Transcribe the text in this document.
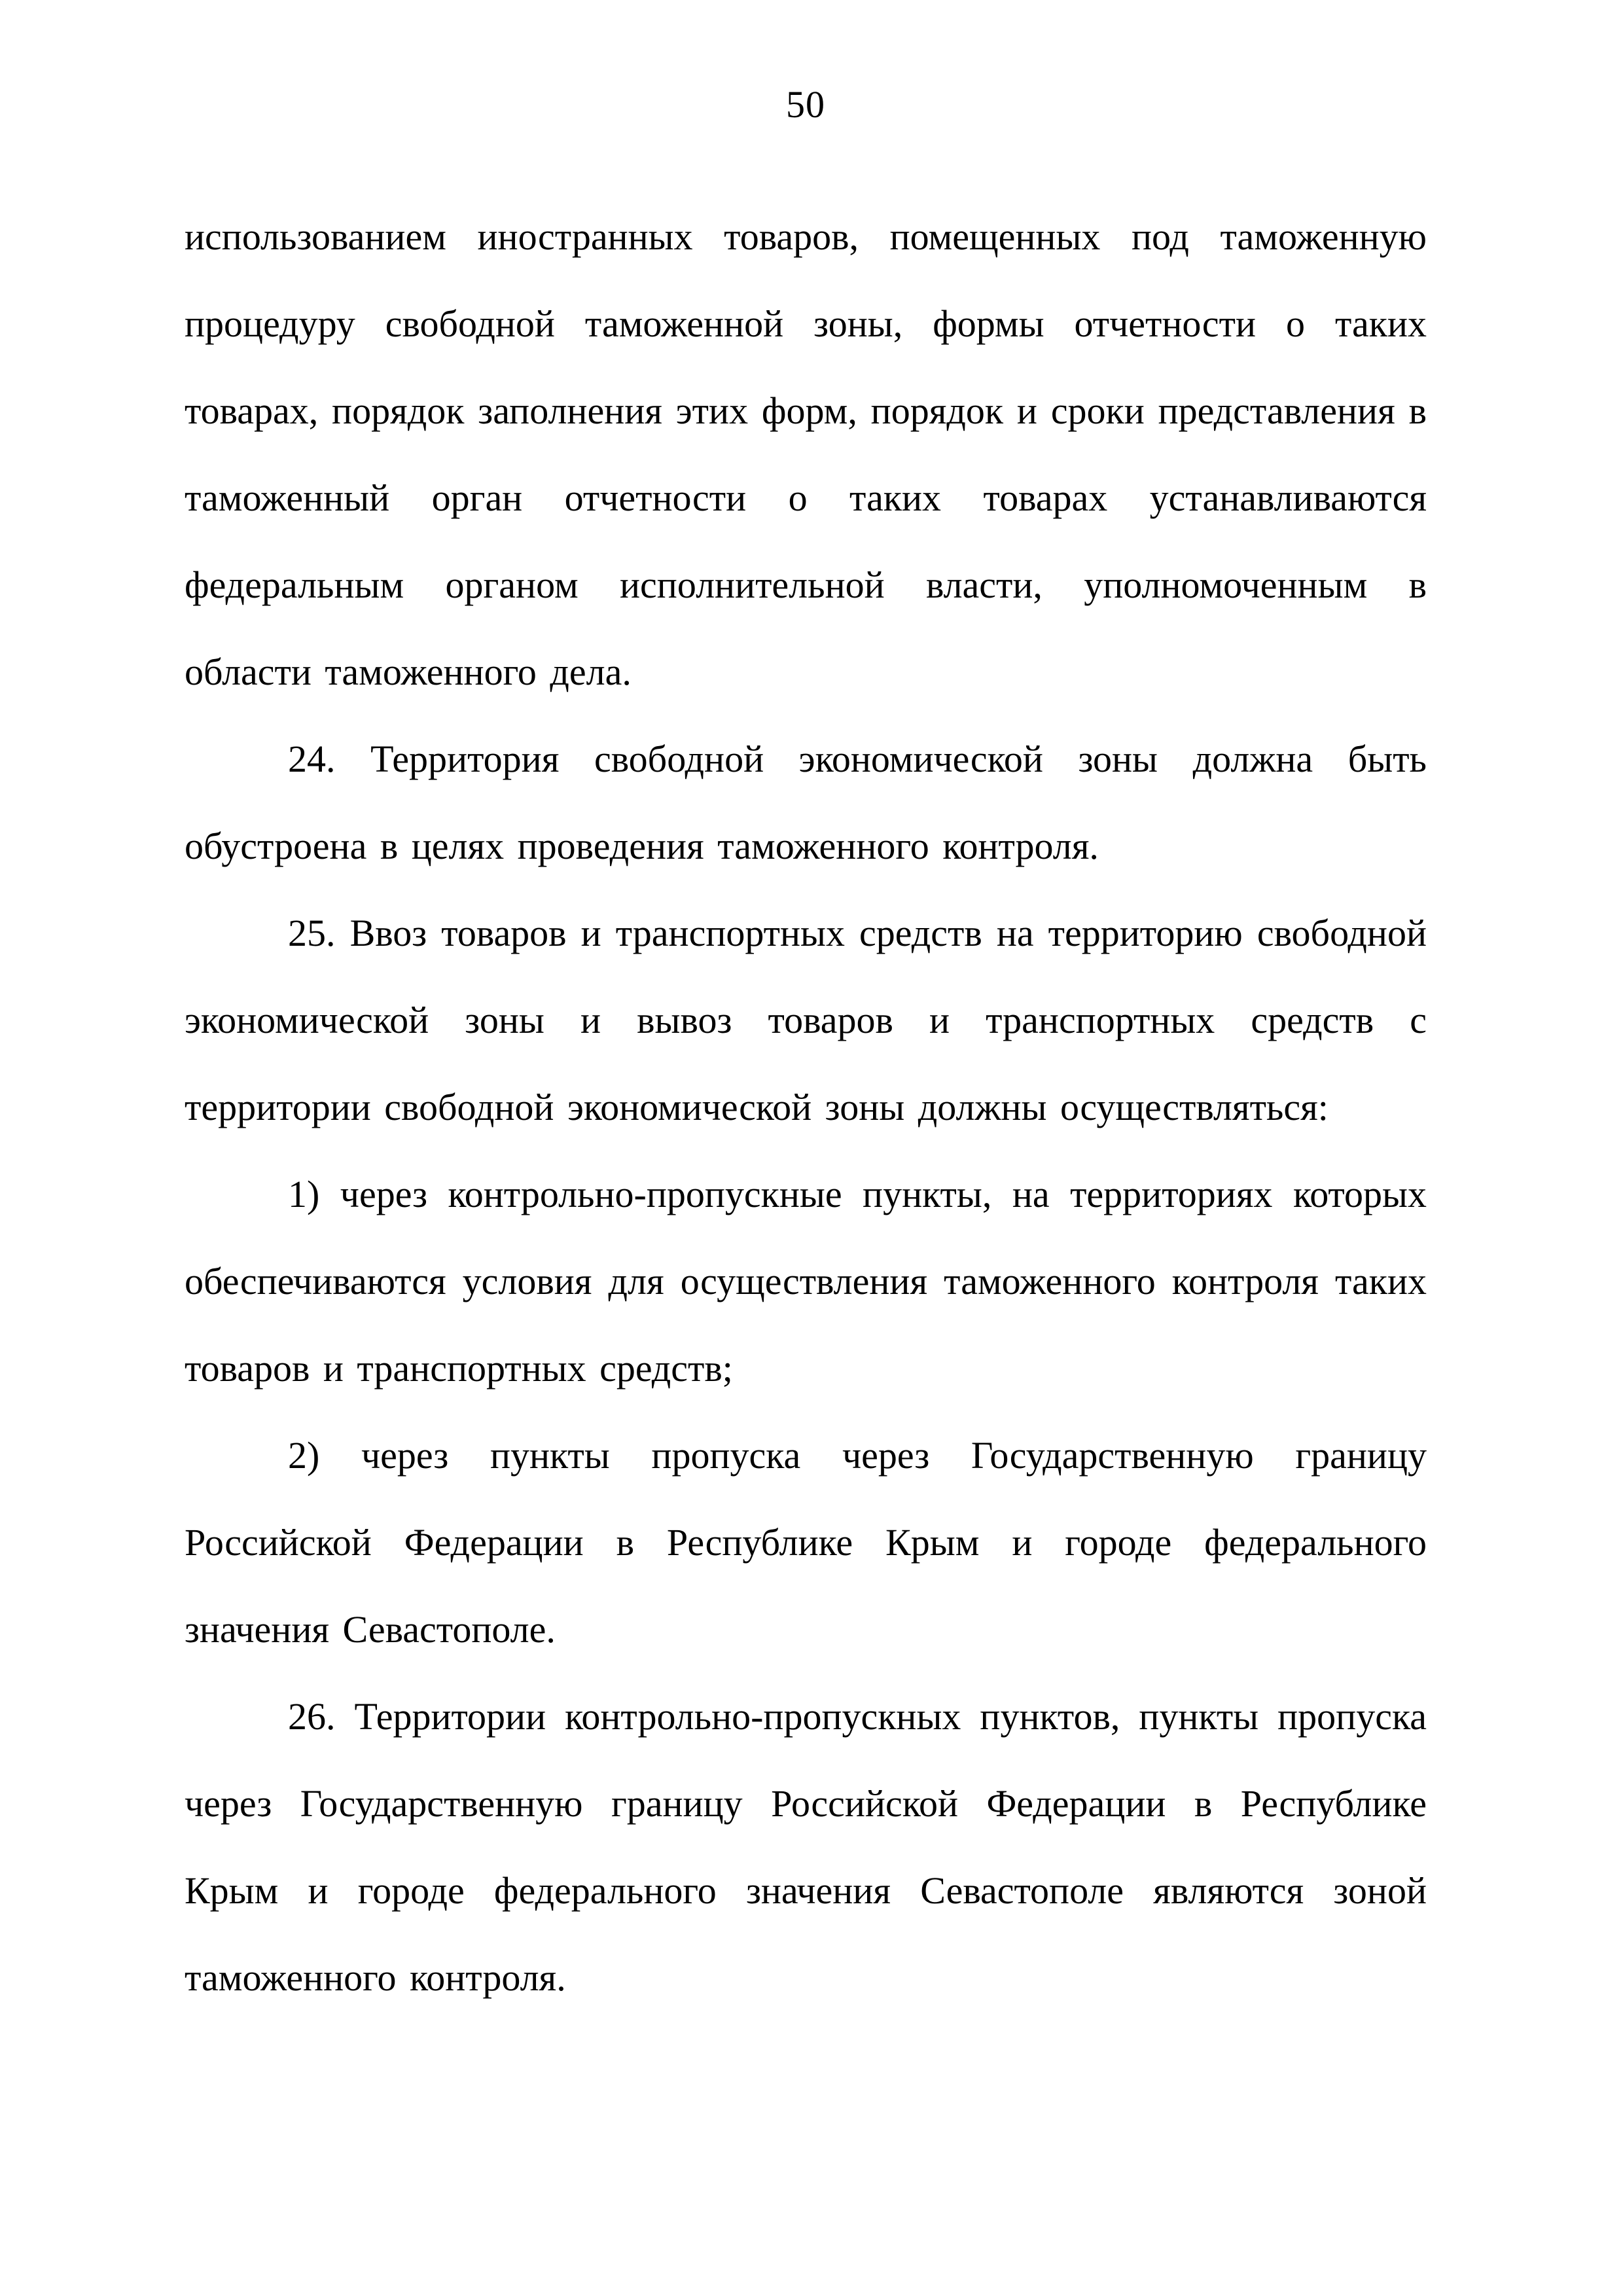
50

использованием иностранных товаров, помещенных под таможенную процедуру свободной таможенной зоны, формы отчетности о таких товарах, порядок заполнения этих форм, порядок и сроки представления в таможенный орган отчетности о таких товарах устанавливаются федеральным органом исполнительной власти, уполномоченным в области таможенного дела.

24. Территория свободной экономической зоны должна быть обустроена в целях проведения таможенного контроля.

25. Ввоз товаров и транспортных средств на территорию свободной экономической зоны и вывоз товаров и транспортных средств с территории свободной экономической зоны должны осуществляться:

1) через контрольно-пропускные пункты, на территориях которых обеспечиваются условия для осуществления таможенного контроля таких товаров и транспортных средств;

2) через пункты пропуска через Государственную границу Российской Федерации в Республике Крым и городе федерального значения Севастополе.

26. Территории контрольно-пропускных пунктов, пункты пропуска через Государственную границу Российской Федерации в Республике Крым и городе федерального значения Севастополе являются зоной таможенного контроля.
